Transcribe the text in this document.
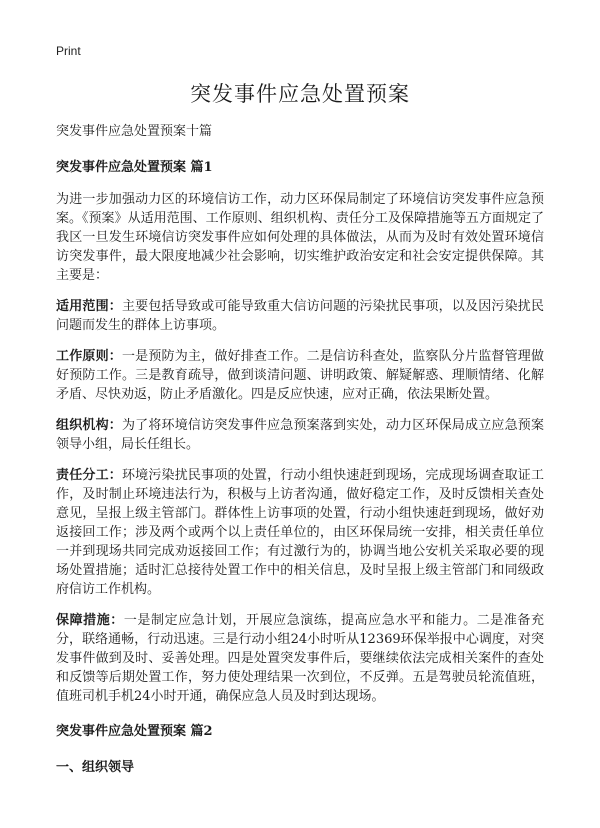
Print

突发事件应急处置预案

突发事件应急处置预案十篇

突发事件应急处置预案 篇1

为进一步加强动力区的环境信访工作，动力区环保局制定了环境信访突发事件应急预案。《预案》从适用范围、工作原则、组织机构、责任分工及保障措施等五方面规定了我区一旦发生环境信访突发事件应如何处理的具体做法，从而为及时有效处置环境信访突发事件，最大限度地减少社会影响，切实维护政治安定和社会安定提供保障。其主要是：

适用范围：主要包括导致或可能导致重大信访问题的污染扰民事项，以及因污染扰民问题而发生的群体上访事项。

工作原则：一是预防为主，做好排查工作。二是信访科查处，监察队分片监督管理做好预防工作。三是教育疏导，做到谈清问题、讲明政策、解疑解惑、理顺情绪、化解矛盾、尽快劝返，防止矛盾激化。四是反应快速，应对正确，依法果断处置。

组织机构：为了将环境信访突发事件应急预案落到实处，动力区环保局成立应急预案领导小组，局长任组长。

责任分工：环境污染扰民事项的处置，行动小组快速赶到现场，完成现场调查取证工作，及时制止环境违法行为，积极与上访者沟通，做好稳定工作，及时反馈相关查处意见，呈报上级主管部门。群体性上访事项的处置，行动小组快速赶到现场，做好劝返接回工作；涉及两个或两个以上责任单位的，由区环保局统一安排，相关责任单位一并到现场共同完成劝返接回工作；有过激行为的，协调当地公安机关采取必要的现场处置措施；适时汇总接待处置工作中的相关信息，及时呈报上级主管部门和同级政府信访工作机构。

保障措施：一是制定应急计划，开展应急演练，提高应急水平和能力。二是准备充分，联络通畅，行动迅速。三是行动小组24小时听从12369环保举报中心调度，对突发事件做到及时、妥善处理。四是处置突发事件后，要继续依法完成相关案件的查处和反馈等后期处置工作，努力使处理结果一次到位，不反弹。五是驾驶员轮流值班，值班司机手机24小时开通，确保应急人员及时到达现场。

突发事件应急处置预案 篇2
一、组织领导
